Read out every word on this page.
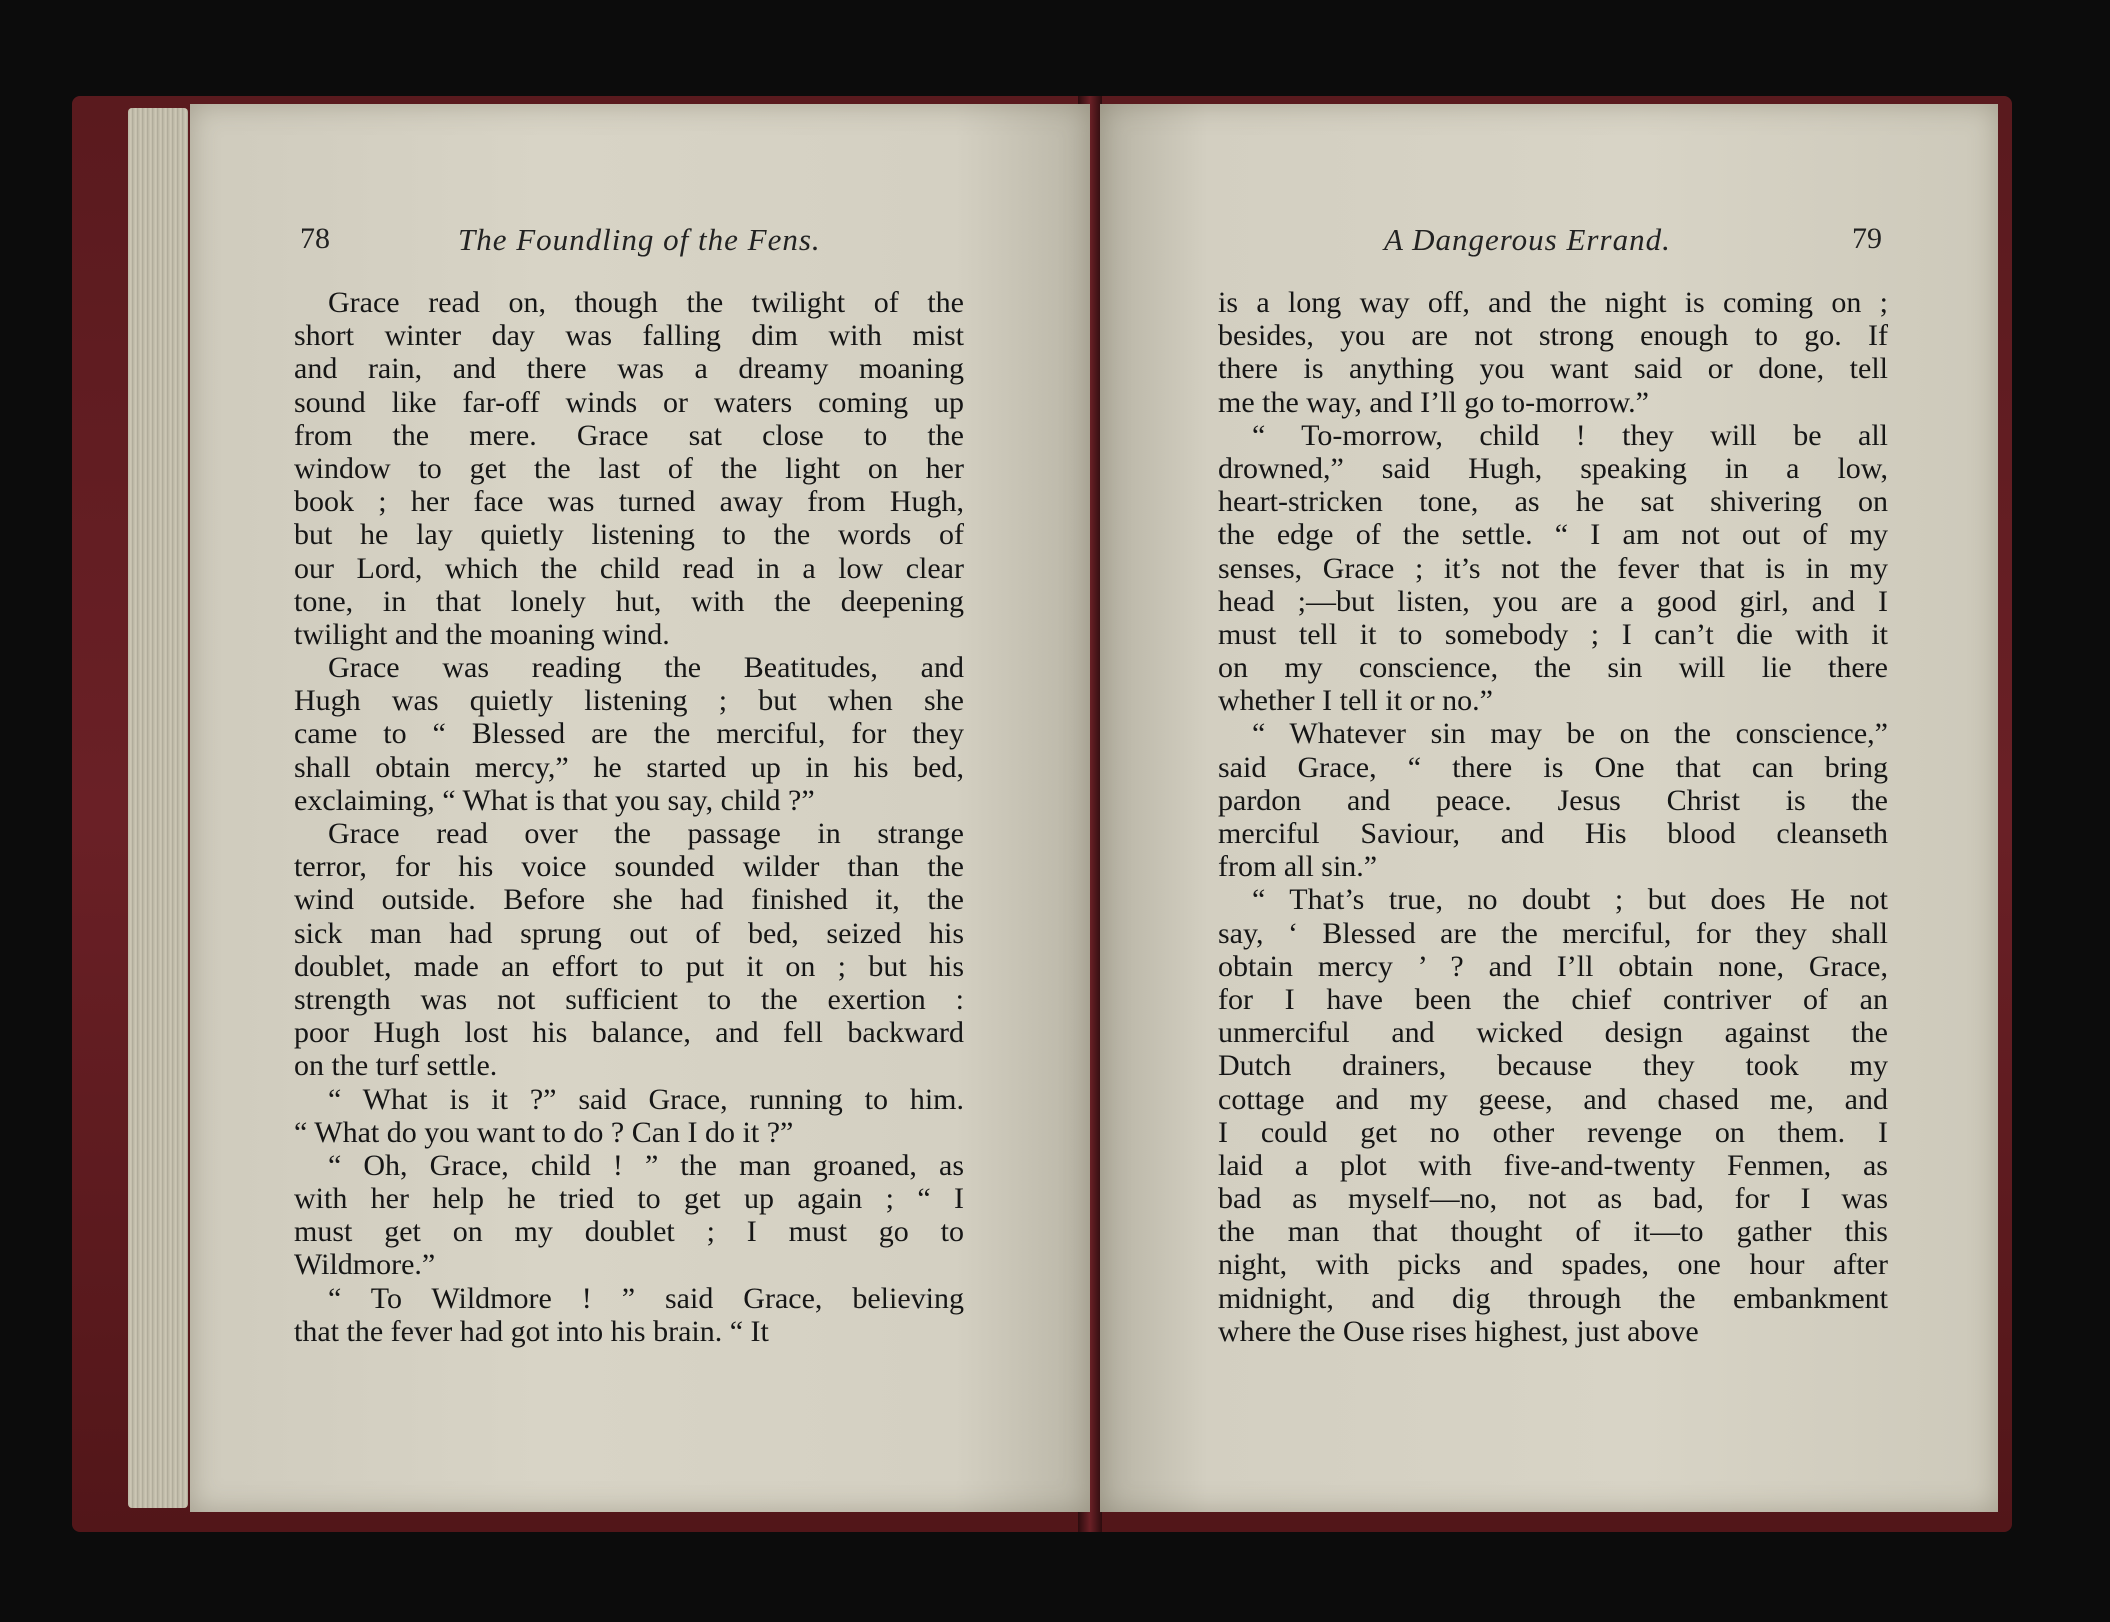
78	The Foundling of the Fens.	A Dangerous Errand.	79
Grace read on, though the twilight of the
short winter day was falling dim with mist
and rain, and there was a dreamy moaning
sound like far-off winds or waters coming up
from the mere. Grace sat close to the
window to get the last of the light on her
book ; her face was turned away from Hugh,
but he lay quietly listening to the words of
our Lord, which the child read in a low clear
tone, in that lonely hut, with the deepening
twilight and the moaning wind.
Grace was reading the Beatitudes, and
Hugh was quietly listening ; but when she
came to “ Blessed are the merciful, for they
shall obtain mercy,” he started up in his bed,
exclaiming, “ What is that you say, child ?”
Grace read over the passage in strange
terror, for his voice sounded wilder than the
wind outside. Before she had finished it, the
sick man had sprung out of bed, seized his
doublet, made an effort to put it on ; but his
strength was not sufficient to the exertion :
poor Hugh lost his balance, and fell backward
on the turf settle.
“ What is it ?” said Grace, running to him.
“ What do you want to do ? Can I do it ?”
“ Oh, Grace, child ! ” the man groaned, as
with her help he tried to get up again ; “ I
must get on my doublet ; I must go to
Wildmore.”
“ To Wildmore ! ” said Grace, believing
that the fever had got into his brain. “ It
is a long way off, and the night is coming on ;
besides, you are not strong enough to go. If
there is anything you want said or done, tell
me the way, and I’ll go to-morrow.”
“ To-morrow, child ! they will be all
drowned,” said Hugh, speaking in a low,
heart-stricken tone, as he sat shivering on
the edge of the settle. “ I am not out of my
senses, Grace ; it’s not the fever that is in my
head ;—but listen, you are a good girl, and I
must tell it to somebody ; I can’t die with it
on my conscience, the sin will lie there
whether I tell it or no.”
“ Whatever sin may be on the conscience,”
said Grace, “ there is One that can bring
pardon and peace. Jesus Christ is the
merciful Saviour, and His blood cleanseth
from all sin.”
“ That’s true, no doubt ; but does He not
say, ‘ Blessed are the merciful, for they shall
obtain mercy ’ ? and I’ll obtain none, Grace,
for I have been the chief contriver of an
unmerciful and wicked design against the
Dutch drainers, because they took my
cottage and my geese, and chased me, and
I could get no other revenge on them. I
laid a plot with five-and-twenty Fenmen, as
bad as myself—no, not as bad, for I was
the man that thought of it—to gather this
night, with picks and spades, one hour after
midnight, and dig through the embankment
where the Ouse rises highest, just above
